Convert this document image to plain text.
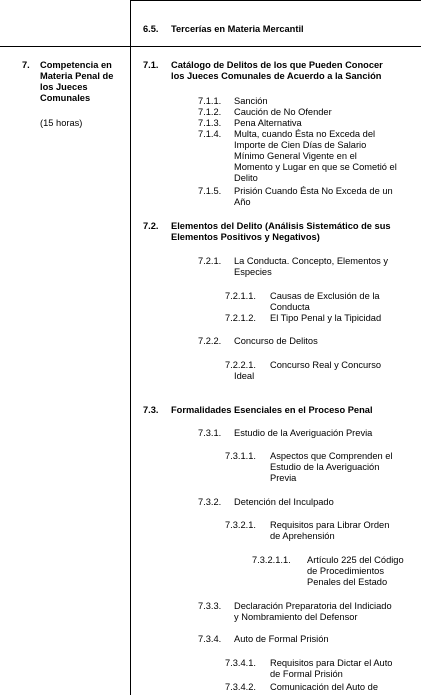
6.5. Tercerías en Materia Mercantil
7. Competencia en
Materia Penal de
los Jueces
Comunales
(15 horas)
7.1. Catálogo de Delitos de los que Pueden Conocer
los Jueces Comunales de Acuerdo a la Sanción
7.1.1. Sanción
7.1.2. Caución de No Ofender
7.1.3. Pena Alternativa
7.1.4. Multa, cuando Ésta no Exceda del
Importe de Cien Días de Salario
Mínimo General Vigente en el
Momento y Lugar en que se Cometió el
Delito
7.1.5. Prisión Cuando Ésta No Exceda de un
Año
7.2. Elementos del Delito (Análisis Sistemático de sus
Elementos Positivos y Negativos)
7.2.1. La Conducta. Concepto, Elementos y
Especies
7.2.1.1. Causas de Exclusión de la
Conducta
7.2.1.2. El Tipo Penal y la Tipicidad
7.2.2. Concurso de Delitos
7.2.2.1. Concurso Real y Concurso
Ideal
7.3. Formalidades Esenciales en el Proceso Penal
7.3.1. Estudio de la Averiguación Previa
7.3.1.1. Aspectos que Comprenden el
Estudio de la Averiguación
Previa
7.3.2. Detención del Inculpado
7.3.2.1. Requisitos para Librar Orden
de Aprehensión
7.3.2.1.1. Artículo 225 del Código
de Procedimientos
Penales del Estado
7.3.3. Declaración Preparatoria del Indiciado
y Nombramiento del Defensor
7.3.4. Auto de Formal Prisión
7.3.4.1. Requisitos para Dictar el Auto
de Formal Prisión
7.3.4.2. Comunicación del Auto de
